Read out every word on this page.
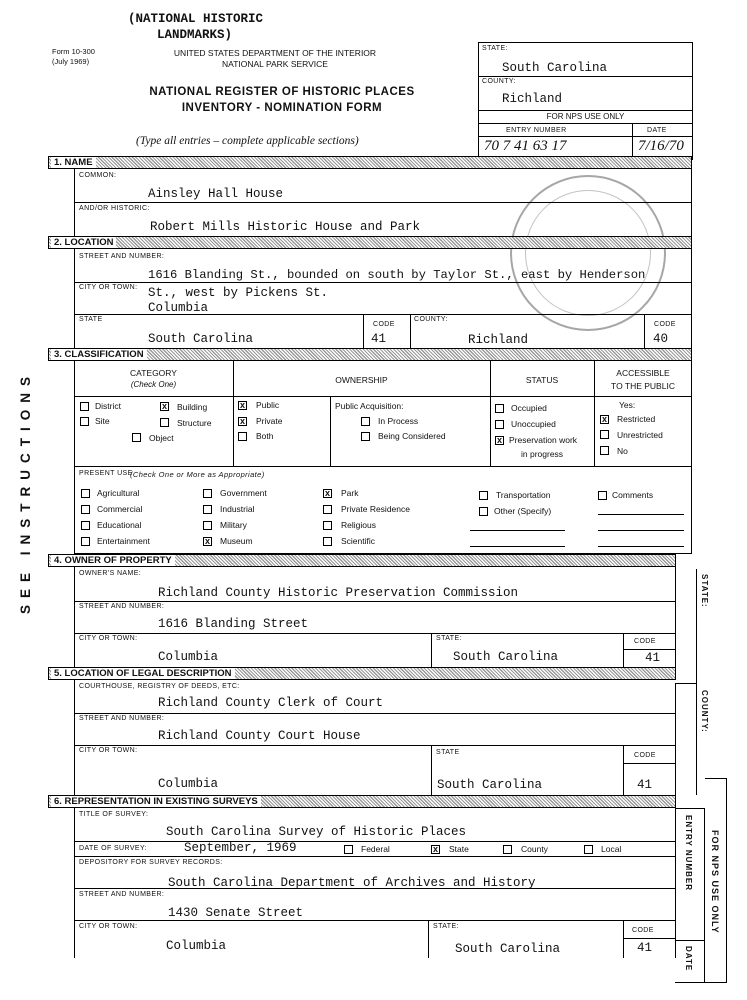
(NATIONAL HISTORIC
LANDMARKS)
Form 10-300
(July 1969)
UNITED STATES DEPARTMENT OF THE INTERIOR
NATIONAL PARK SERVICE
NATIONAL REGISTER OF HISTORIC PLACES
INVENTORY - NOMINATION FORM
(Type all entries – complete applicable sections)
STATE:
South Carolina
COUNTY:
Richland
FOR NPS USE ONLY
ENTRY NUMBER	DATE
70 7 41 63 17	7/16/70
SEE INSTRUCTIONS
1. NAME
COMMON:
Ainsley Hall House
AND/OR HISTORIC:
Robert Mills Historic House and Park
2. LOCATION
STREET AND NUMBER:
1616 Blanding St., bounded on south by Taylor St., east by Henderson
CITY OR TOWN: St., west by Pickens St.
Columbia
STATE
South Carolina
CODE
41
COUNTY:
Richland
CODE
40
3. CLASSIFICATION
CATEGORY
(Check One)	OWNERSHIP	STATUS
ACCESSIBLE
TO THE PUBLIC
District	x Building
Site	Structure
Object
x Public
x Private
Both
Public Acquisition:
In Process
Being Considered
Occupied
Unoccupied
x Preservation work
in progress
Yes:
x Restricted
Unrestricted
No
PRESENT USE
(Check One or More as Appropriate)
Agricultural
Commercial
Educational
Entertainment
Government
Industrial
Military
x Museum
x Park
Private Residence
Religious
Scientific
Transportation
Other (Specify)
Comments
4. OWNER OF PROPERTY
OWNER'S NAME:
Richland County Historic Preservation Commission
STREET AND NUMBER:
1616 Blanding Street
CITY OR TOWN:
Columbia
STATE:
South Carolina
CODE
41
STATE:
5. LOCATION OF LEGAL DESCRIPTION
COURTHOUSE, REGISTRY OF DEEDS, ETC:
Richland County Clerk of Court
STREET AND NUMBER:
Richland County Court House
CITY OR TOWN:
Columbia
STATE
South Carolina
CODE
41
COUNTY:
6. REPRESENTATION IN EXISTING SURVEYS
TITLE OF SURVEY:
South Carolina Survey of Historic Places
DATE OF SURVEY:	September, 1969	Federal	x State	County	Local
DEPOSITORY FOR SURVEY RECORDS:
South Carolina Department of Archives and History
STREET AND NUMBER:
1430 Senate Street
CITY OR TOWN:
Columbia
STATE:
South Carolina
CODE
41
ENTRY NUMBER
DATE
FOR NPS USE ONLY
